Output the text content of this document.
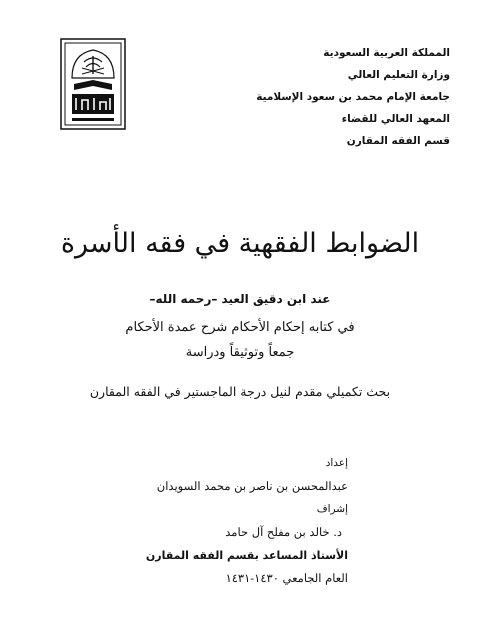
المملكة العربية السعودية
وزارة التعليم العالي
جامعة الإمام محمد بن سعود الإسلامية
المعهد العالي للقضاء
قسم الفقه المقارن
الضوابط الفقهية في فقه الأسرة
عند ابن دقيق العيد –رحمه الله–
في كتابه إحكام الأحكام شرح عمدة الأحكام
جمعاً وتوثيقاً ودراسة
بحث تكميلي مقدم لنيل درجة الماجستير في الفقه المقارن
إعداد
عبدالمحسن بن ناصر بن محمد السويدان
إشراف
د. خالد بن مفلح آل حامد
الأستاذ المساعد بقسم الفقه المقارن
العام الجامعي ١٤٣٠-١٤٣١
